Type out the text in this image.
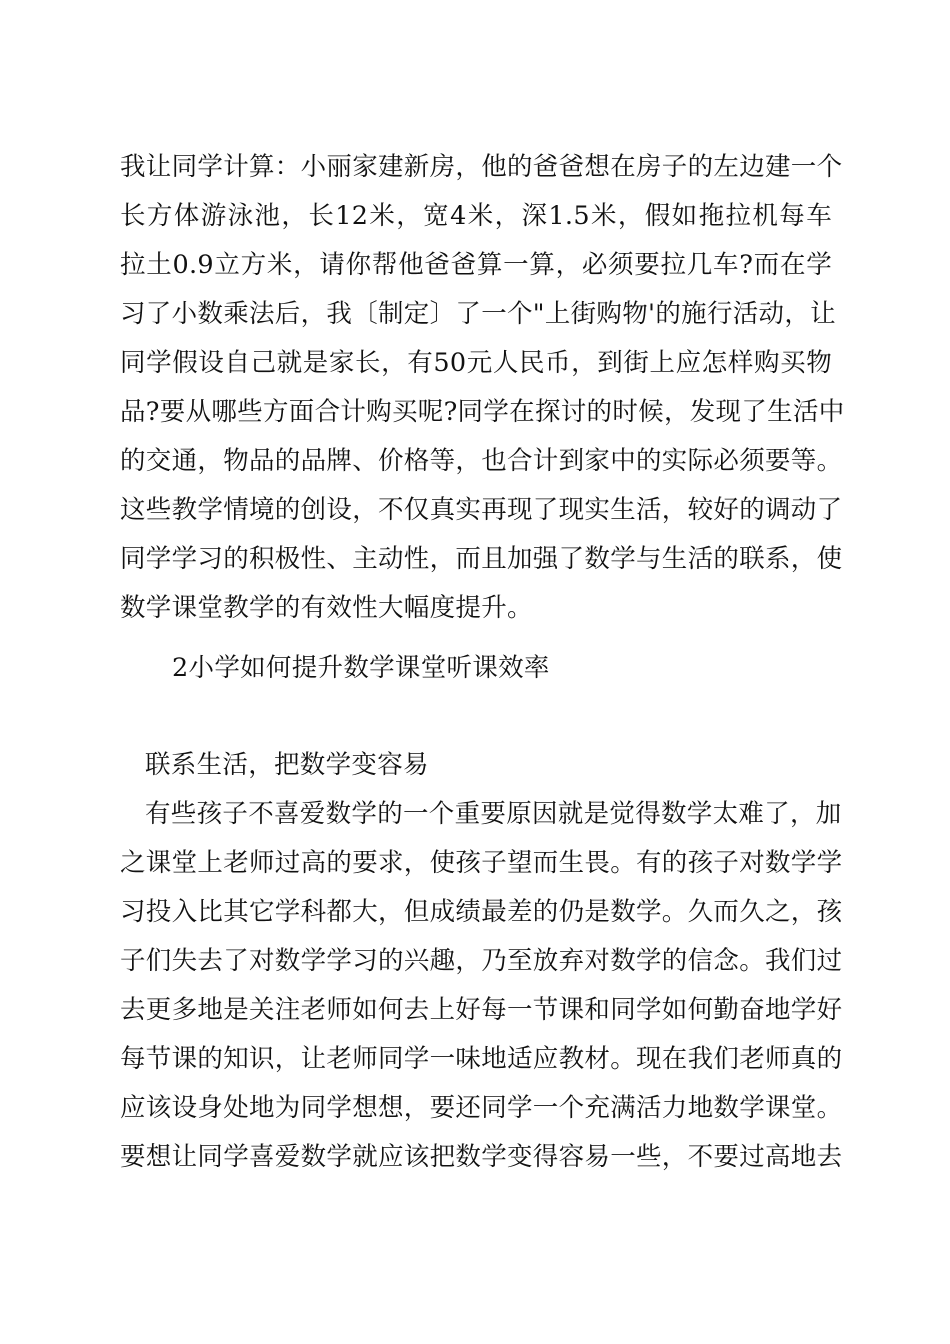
我让同学计算：小丽家建新房，他的爸爸想在房子的左边建一个
长方体游泳池，长12米，宽4米，深1.5米，假如拖拉机每车
拉土0.9立方米，请你帮他爸爸算一算，必须要拉几车?而在学
习了小数乘法后，我〔制定〕了一个"上街购物'的施行活动，让
同学假设自己就是家长，有50元人民币，到街上应怎样购买物
品?要从哪些方面合计购买呢?同学在探讨的时候，发现了生活中
的交通，物品的品牌、价格等，也合计到家中的实际必须要等。
这些教学情境的创设，不仅真实再现了现实生活，较好的调动了
同学学习的积极性、主动性，而且加强了数学与生活的联系，使
数学课堂教学的有效性大幅度提升。
2小学如何提升数学课堂听课效率
联系生活，把数学变容易
有些孩子不喜爱数学的一个重要原因就是觉得数学太难了，加
之课堂上老师过高的要求，使孩子望而生畏。有的孩子对数学学
习投入比其它学科都大，但成绩最差的仍是数学。久而久之，孩
子们失去了对数学学习的兴趣，乃至放弃对数学的信念。我们过
去更多地是关注老师如何去上好每一节课和同学如何勤奋地学好
每节课的知识，让老师同学一味地适应教材。现在我们老师真的
应该设身处地为同学想想，要还同学一个充满活力地数学课堂。
要想让同学喜爱数学就应该把数学变得容易一些，不要过高地去
